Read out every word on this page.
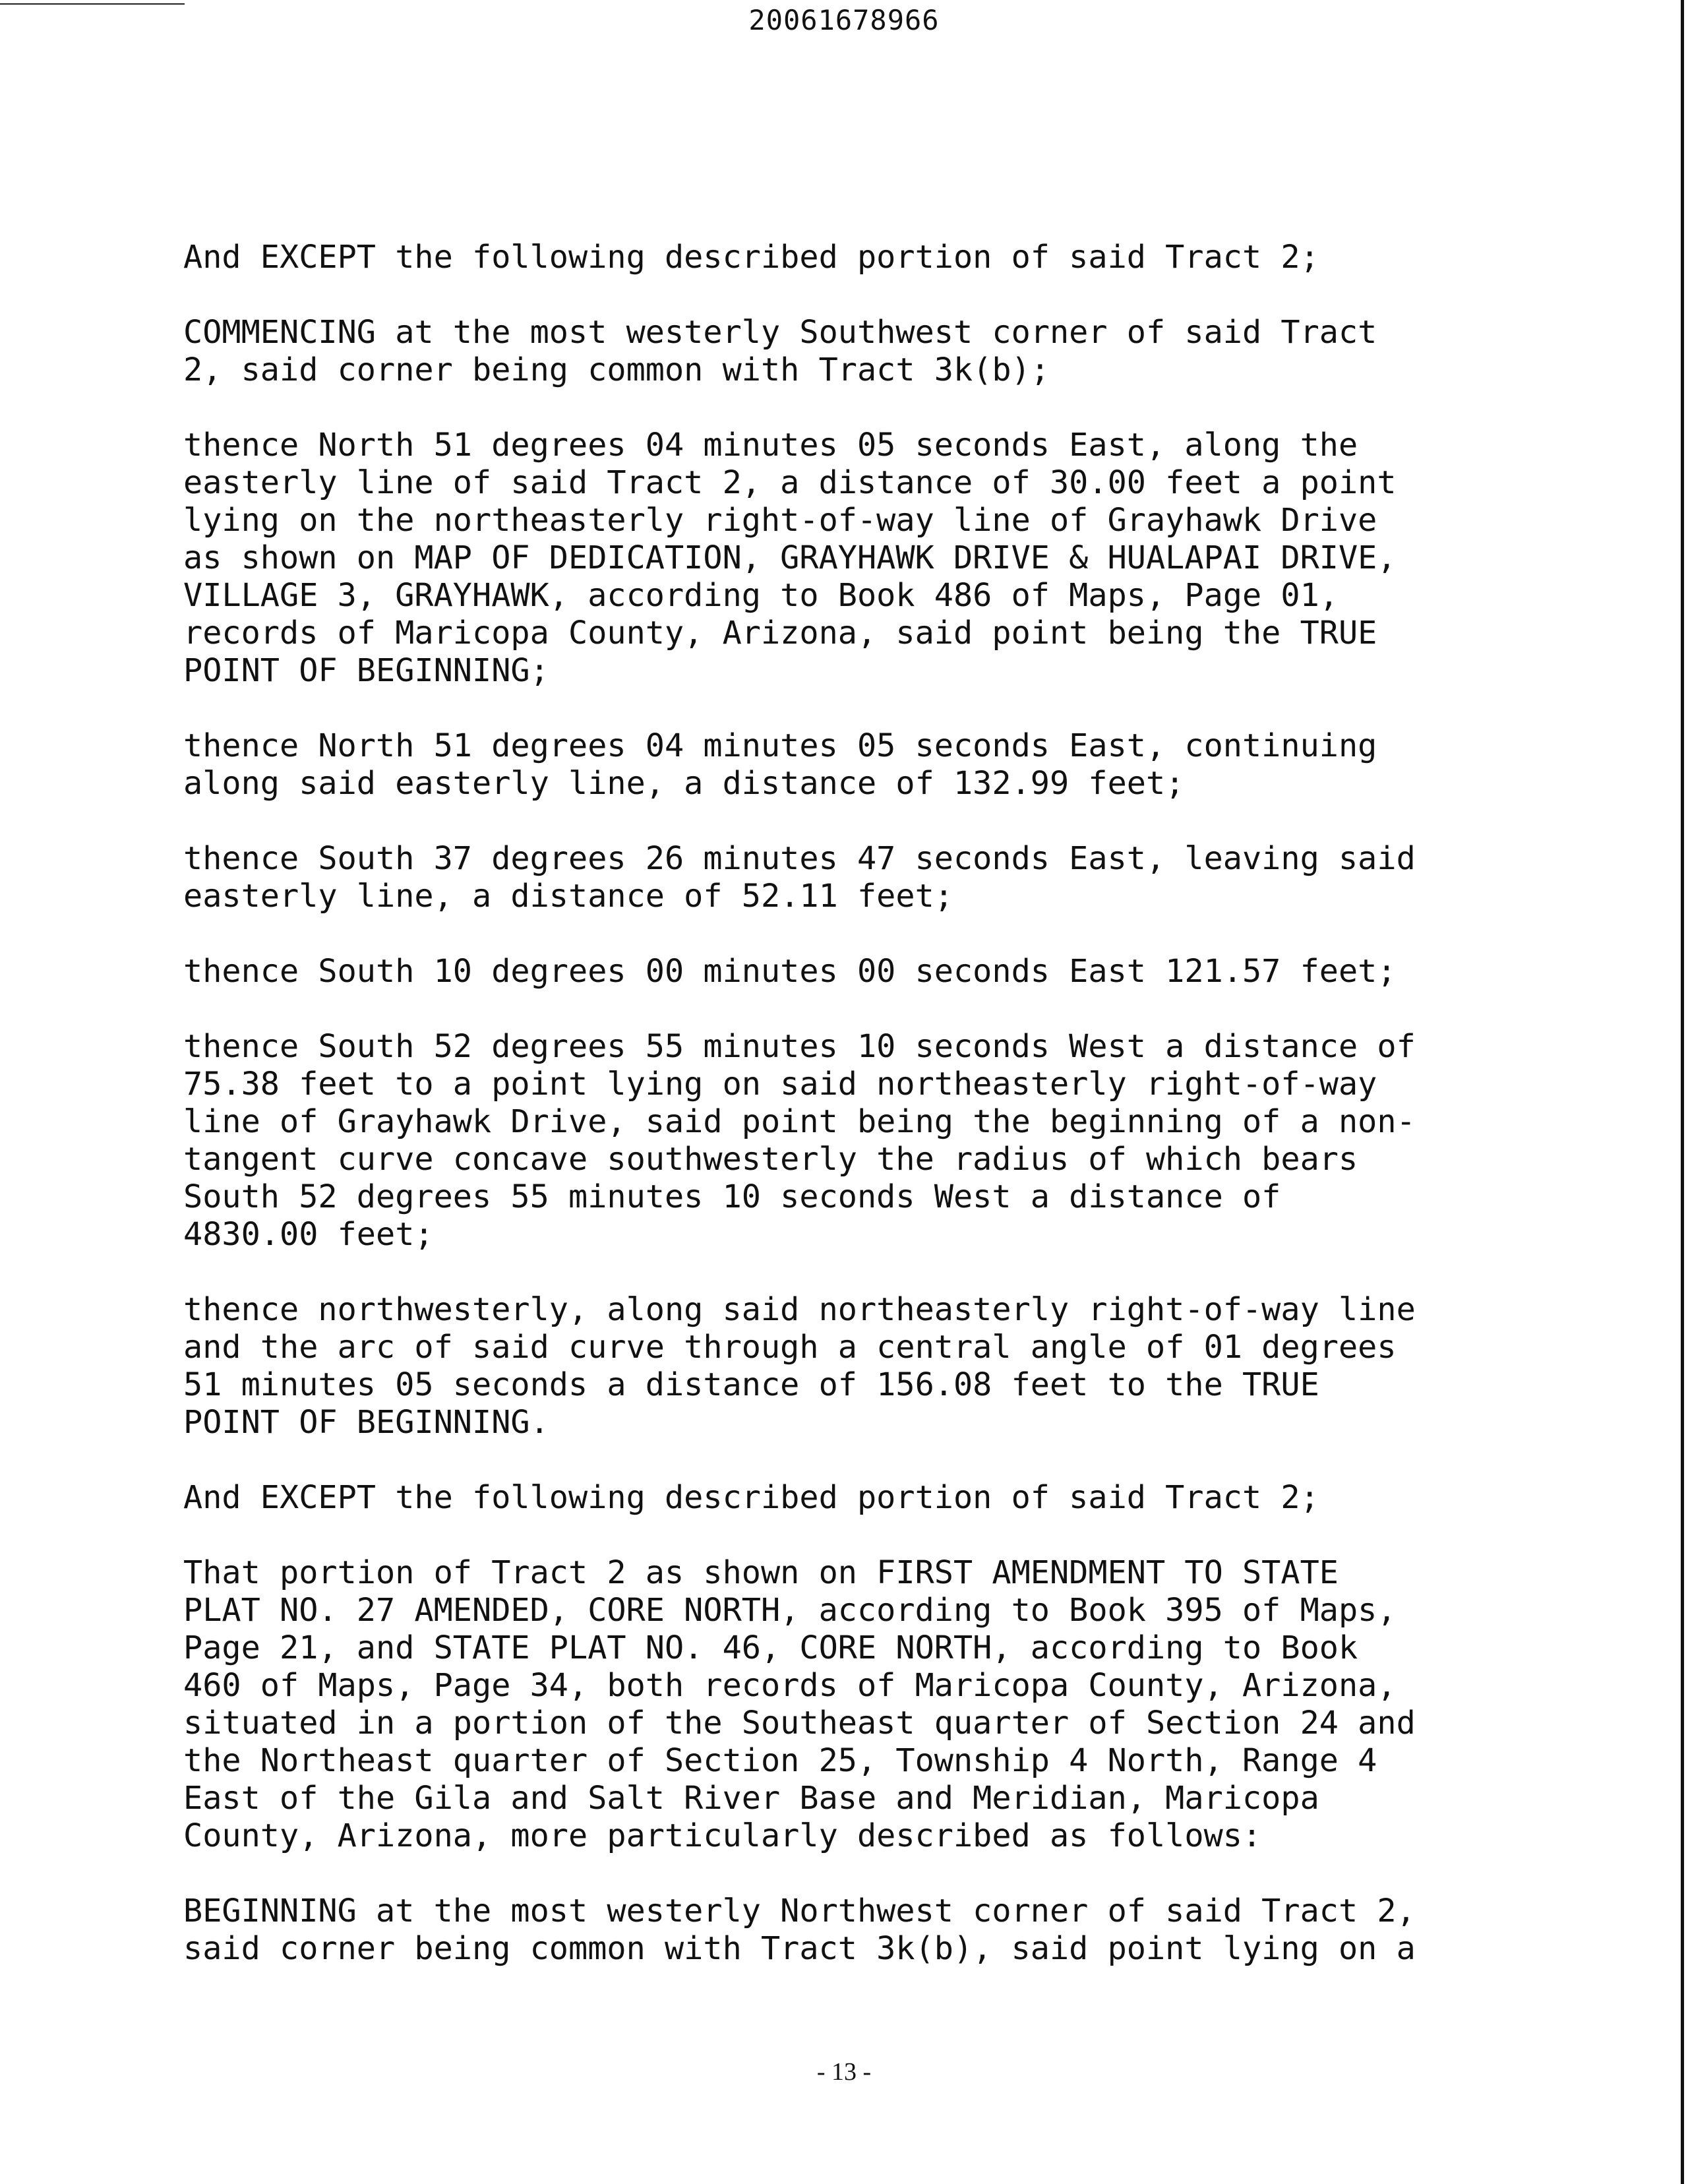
20061678966
And EXCEPT the following described portion of said Tract 2;
COMMENCING at the most westerly Southwest corner of said Tract
2, said corner being common with Tract 3k(b);
thence North 51 degrees 04 minutes 05 seconds East, along the
easterly line of said Tract 2, a distance of 30.00 feet a point
lying on the northeasterly right-of-way line of Grayhawk Drive
as shown on MAP OF DEDICATION, GRAYHAWK DRIVE & HUALAPAI DRIVE,
VILLAGE 3, GRAYHAWK, according to Book 486 of Maps, Page 01,
records of Maricopa County, Arizona, said point being the TRUE
POINT OF BEGINNING;
thence North 51 degrees 04 minutes 05 seconds East, continuing
along said easterly line, a distance of 132.99 feet;
thence South 37 degrees 26 minutes 47 seconds East, leaving said
easterly line, a distance of 52.11 feet;
thence South 10 degrees 00 minutes 00 seconds East 121.57 feet;
thence South 52 degrees 55 minutes 10 seconds West a distance of
75.38 feet to a point lying on said northeasterly right-of-way
line of Grayhawk Drive, said point being the beginning of a non-
tangent curve concave southwesterly the radius of which bears
South 52 degrees 55 minutes 10 seconds West a distance of
4830.00 feet;
thence northwesterly, along said northeasterly right-of-way line
and the arc of said curve through a central angle of 01 degrees
51 minutes 05 seconds a distance of 156.08 feet to the TRUE
POINT OF BEGINNING.
And EXCEPT the following described portion of said Tract 2;
That portion of Tract 2 as shown on FIRST AMENDMENT TO STATE
PLAT NO. 27 AMENDED, CORE NORTH, according to Book 395 of Maps,
Page 21, and STATE PLAT NO. 46, CORE NORTH, according to Book
460 of Maps, Page 34, both records of Maricopa County, Arizona,
situated in a portion of the Southeast quarter of Section 24 and
the Northeast quarter of Section 25, Township 4 North, Range 4
East of the Gila and Salt River Base and Meridian, Maricopa
County, Arizona, more particularly described as follows:
BEGINNING at the most westerly Northwest corner of said Tract 2,
said corner being common with Tract 3k(b), said point lying on a
- 13 -
